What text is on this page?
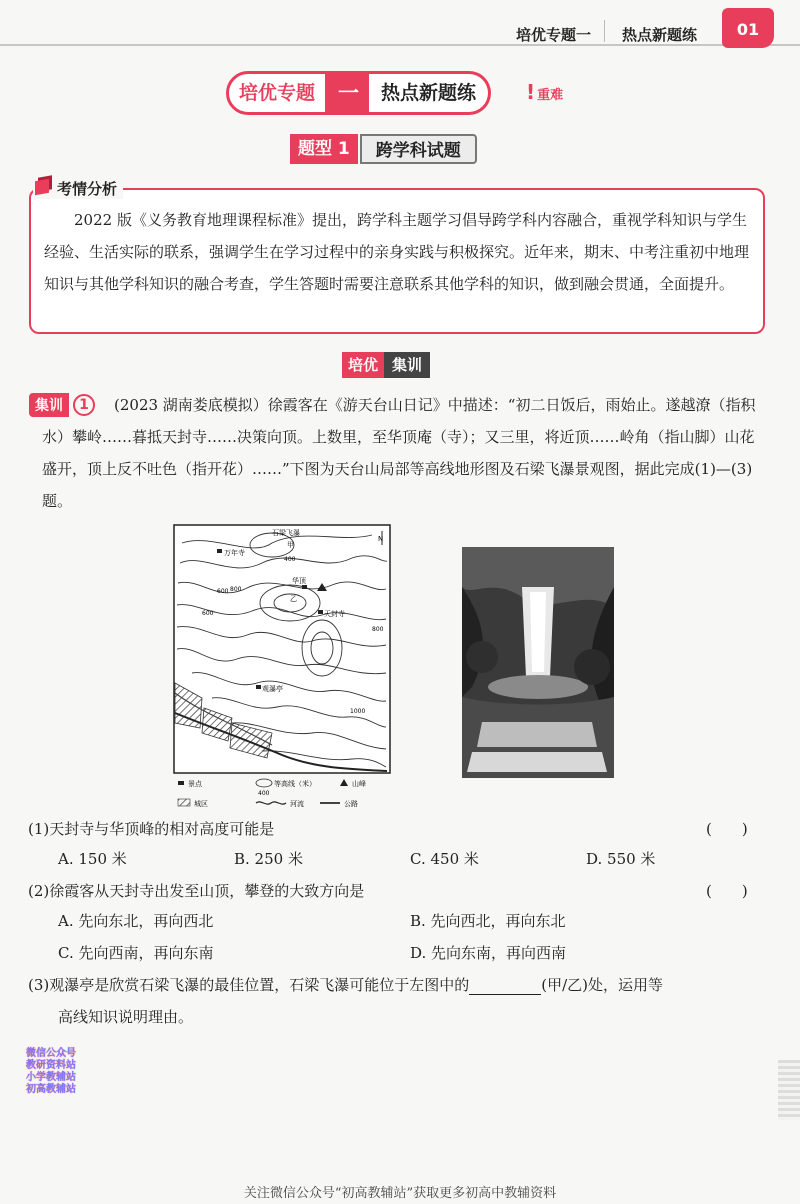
培优专题一 热点新题练	01
培优专题	一	热点新题练	! 重难
题型 1	跨学科试题
考情分析
2022 版《义务教育地理课程标准》提出，跨学科主题学习倡导跨学科内容融合，重视学科知识与学生经验、生活实际的联系，强调学生在学习过程中的亲身实践与积极探究。近年来，期末、中考注重初中地理知识与其他学科知识的融合考查，学生答题时需要注意联系其他学科的知识，做到融会贯通，全面提升。
培优 集训
(2023 湖南娄底模拟）徐霞客在《游天台山日记》中描述：“初二日饭后，雨始止。遂越潦（指积水）攀岭……暮抵天封寺……决策向顶。上数里，至华顶庵（寺）；又三里，将近顶……岭角（指山脚）山花盛开，顶上反不吐色（指开花）……”下图为天台山局部等高线地形图及石梁飞瀑景观图，据此完成(1)—(3)题。
集训	1
N
万年寺
石梁飞瀑
甲
华顶
乙
天封寺
观瀑亭
400
600
600
800
800
1000
景点
400
等高线（米）	山峰
城区	河流	公路
(1)天封寺与华顶峰的相对高度可能是	(　　)
A. 150 米	B. 250 米	C. 450 米	D. 550 米
(2)徐霞客从天封寺出发至山顶，攀登的大致方向是	(　　)
A. 先向东北，再向西北	B. 先向西北，再向东北
C. 先向西南，再向东南	D. 先向东南，再向西南
(3)观瀑亭是欣赏石梁飞瀑的最佳位置，石梁飞瀑可能位于左图中的	(甲/乙)处，运用等
高线知识说明理由。
微信公众号
教研资料站
小学教辅站
初高教辅站
关注微信公众号“初高教辅站”获取更多初高中教辅资料
